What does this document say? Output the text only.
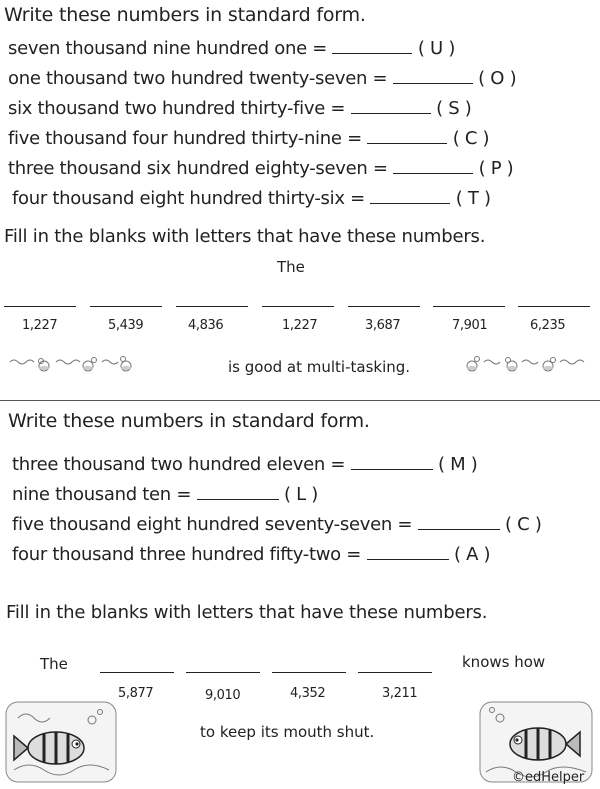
Write these numbers in standard form.
seven thousand nine hundred one =	( U )
one thousand two hundred twenty-seven =	( O )
six thousand two hundred thirty-five =	( S )
five thousand four hundred thirty-nine =	( C )
three thousand six hundred eighty-seven =	( P )
four thousand eight hundred thirty-six =	( T )
Fill in the blanks with letters that have these numbers.
The
1,227	5,439	4,836	1,227	3,687	7,901	6,235
is good at multi-tasking.
Write these numbers in standard form.
three thousand two hundred eleven =	( M )
nine thousand ten =	( L )
five thousand eight hundred seventy-seven =	( C )
four thousand three hundred fifty-two =	( A )
Fill in the blanks with letters that have these numbers.
The	knows how
5,877	9,010	4,352	3,211
to keep its mouth shut.
©edHelper
